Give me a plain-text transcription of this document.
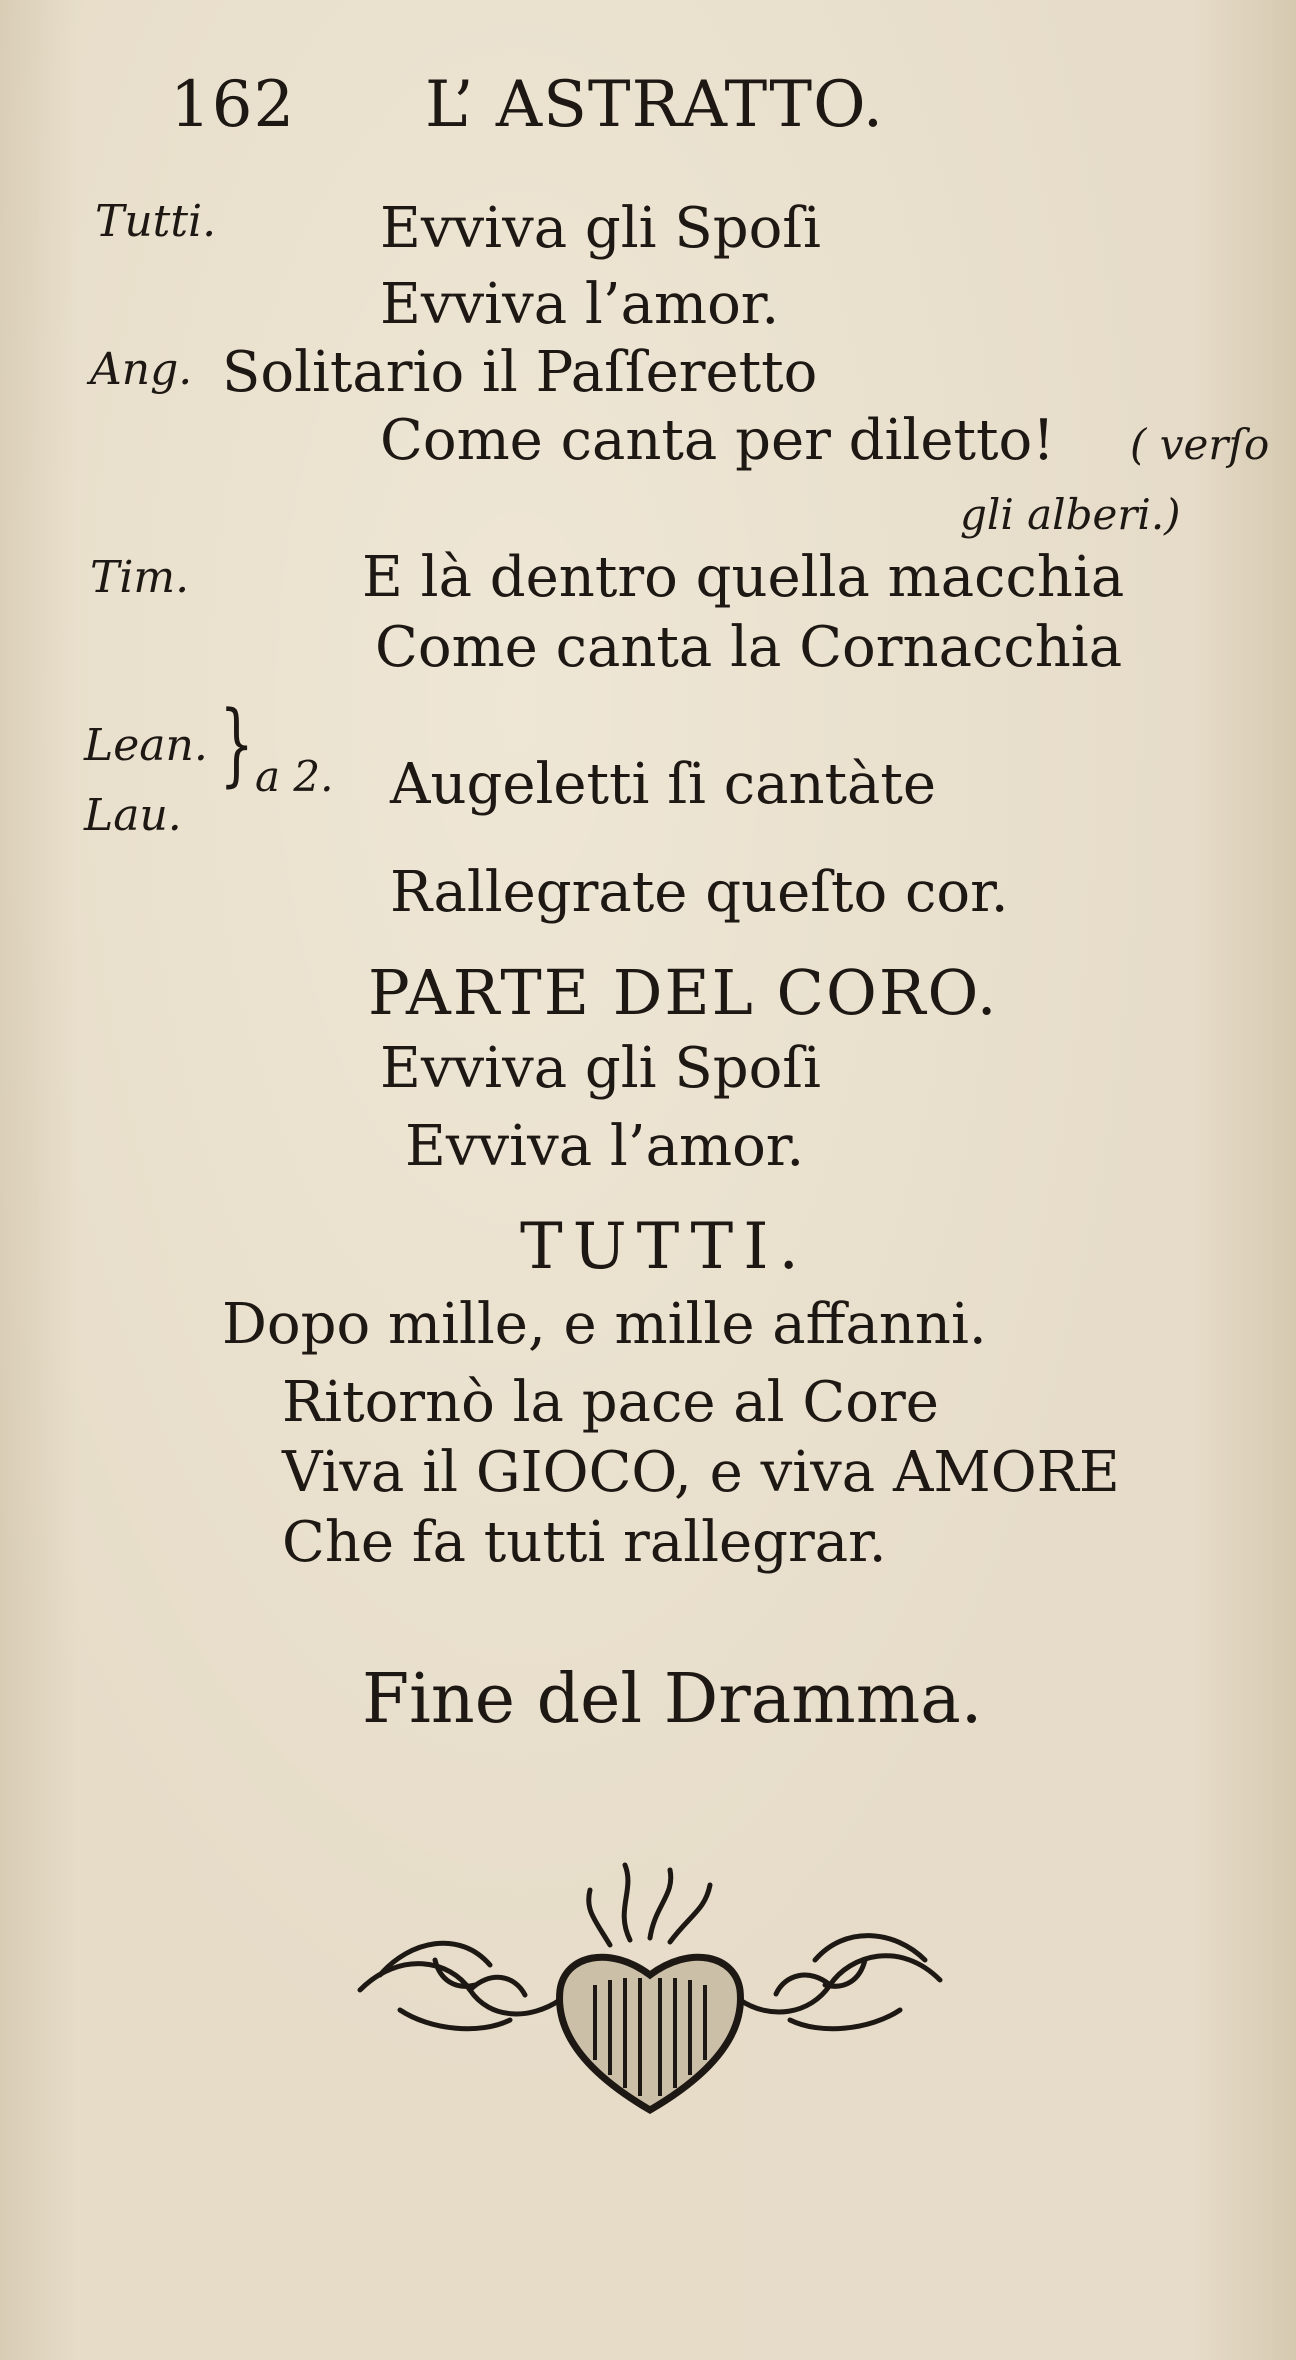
162 L’ ASTRATTO.
Tutti.	Evviva gli Spoſi
Evviva l’amor.
Ang. Solitario il Paſſeretto
Come canta per diletto! ( verſo
gli alberi.)
Tim.	E là dentro quella macchia
Come canta la Cornacchia
Lean.
Lau.
} a 2. Augeletti ſi cantàte
Rallegrate queſto cor.
PARTE DEL CORO.
Evviva gli Spoſi
Evviva l’amor.
TUTTI.
Dopo mille, e mille affanni.
Ritornò la pace al Core
Viva il GIOCO, e viva AMORE
Che fa tutti rallegrar.
Fine del Dramma.
